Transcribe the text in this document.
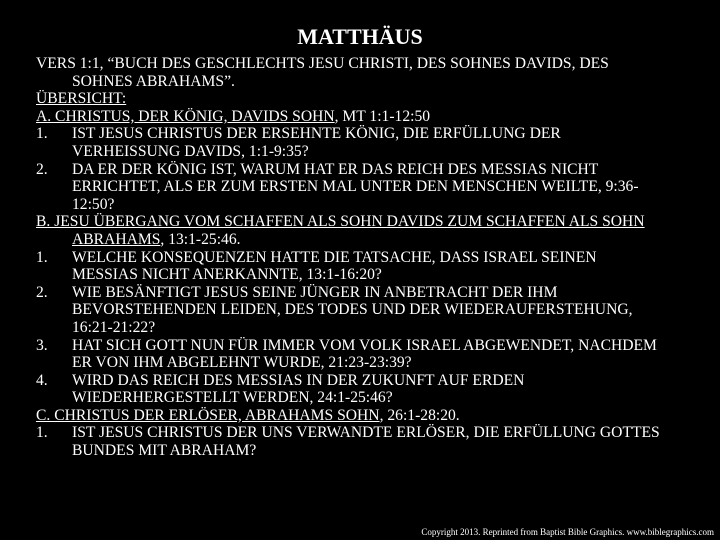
MATTHÄUS

VERS 1:1, “BUCH DES GESCHLECHTS JESU CHRISTI, DES SOHNES DAVIDS, DES SOHNES ABRAHAMS”.

ÜBERSICHT:

A. CHRISTUS, DER KÖNIG, DAVIDS SOHN, MT 1:1-12:50

1.	IST JESUS CHRISTUS DER ERSEHNTE KÖNIG, DIE ERFÜLLUNG DER VERHEISSUNG DAVIDS, 1:1-9:35?
2.	DA ER DER KÖNIG IST, WARUM HAT ER DAS REICH DES MESSIAS NICHT ERRICHTET, ALS ER ZUM ERSTEN MAL UNTER DEN MENSCHEN WEILTE, 9:36-12:50?

B. JESU ÜBERGANG VOM SCHAFFEN ALS SOHN DAVIDS ZUM SCHAFFEN ALS SOHN ABRAHAMS, 13:1-25:46.

1.	WELCHE KONSEQUENZEN HATTE DIE TATSACHE, DASS ISRAEL SEINEN MESSIAS NICHT ANERKANNTE, 13:1-16:20?
2.	WIE BESÄNFTIGT JESUS SEINE JÜNGER IN ANBETRACHT DER IHM BEVORSTEHENDEN LEIDEN, DES TODES UND DER WIEDERAUFERSTEHUNG, 16:21-21:22?
3.	HAT SICH GOTT NUN FÜR IMMER VOM VOLK ISRAEL ABGEWENDET, NACHDEM ER VON IHM ABGELEHNT WURDE, 21:23-23:39?
4.	WIRD DAS REICH DES MESSIAS IN DER ZUKUNFT AUF ERDEN WIEDERHERGESTELLT WERDEN, 24:1-25:46?

C. CHRISTUS DER ERLÖSER, ABRAHAMS SOHN, 26:1-28:20.

1.	IST JESUS CHRISTUS DER UNS VERWANDTE ERLÖSER, DIE ERFÜLLUNG GOTTES BUNDES MIT ABRAHAM?
Copyright 2013. Reprinted from Baptist Bible Graphics. www.biblegraphics.com
